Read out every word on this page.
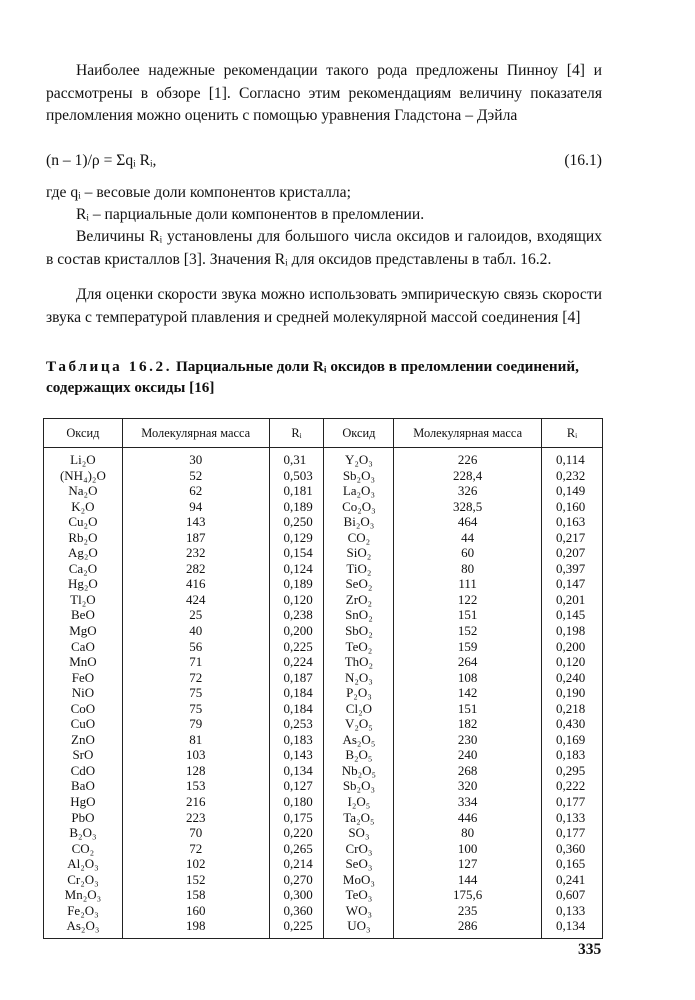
Наиболее надежные рекомендации такого рода предложены Пинноу [4] и рассмотрены в обзоре [1]. Согласно этим рекомендациям величину показателя преломления можно оценить с помощью уравнения Гладстона – Дэйла

(n – 1)/ρ = Σqᵢ Rᵢ,	(16.1)

где qᵢ – весовые доли компонентов кристалла;

Rᵢ – парциальные доли компонентов в преломлении.

Величины Rᵢ установлены для большого числа оксидов и галоидов, входящих в состав кристаллов [3]. Значения Rᵢ для оксидов представлены в табл. 16.2.

Для оценки скорости звука можно использовать эмпирическую связь скорости звука с температурой плавления и средней молекулярной массой соединения [4]

Таблица 16.2. Парциальные доли Rᵢ оксидов в преломлении соединений, содержащих оксиды [16]

Оксид	Молекулярная масса	Rᵢ	Оксид	Молекулярная масса	Rᵢ
Li₂O	30	0,31	Y₂O₃	226	0,114
(NH₄)₂O	52	0,503	Sb₂O₃	228,4	0,232
Na₂O	62	0,181	La₂O₃	326	0,149
K₂O	94	0,189	Co₂O₃	328,5	0,160
Cu₂O	143	0,250	Bi₂O₃	464	0,163
Rb₂O	187	0,129	CO₂	44	0,217
Ag₂O	232	0,154	SiO₂	60	0,207
Ca₂O	282	0,124	TiO₂	80	0,397
Hg₂O	416	0,189	SeO₂	111	0,147
Tl₂O	424	0,120	ZrO₂	122	0,201
BeO	25	0,238	SnO₂	151	0,145
MgO	40	0,200	SbO₂	152	0,198
CaO	56	0,225	TeO₂	159	0,200
MnO	71	0,224	ThO₂	264	0,120
FeO	72	0,187	N₂O₃	108	0,240
NiO	75	0,184	P₂O₃	142	0,190
CoO	75	0,184	Cl₂O	151	0,218
CuO	79	0,253	V₂O₅	182	0,430
ZnO	81	0,183	As₂O₅	230	0,169
SrO	103	0,143	B₂O₅	240	0,183
CdO	128	0,134	Nb₂O₅	268	0,295
BaO	153	0,127	Sb₂O₃	320	0,222
HgO	216	0,180	I₂O₅	334	0,177
PbO	223	0,175	Ta₂O₅	446	0,133
B₂O₃	70	0,220	SO₃	80	0,177
CO₂	72	0,265	CrO₃	100	0,360
Al₂O₃	102	0,214	SeO₃	127	0,165
Cr₂O₃	152	0,270	MoO₃	144	0,241
Mn₂O₃	158	0,300	TeO₃	175,6	0,607
Fe₂O₃	160	0,360	WO₃	235	0,133
As₂O₃	198	0,225	UO₃	286	0,134
335
